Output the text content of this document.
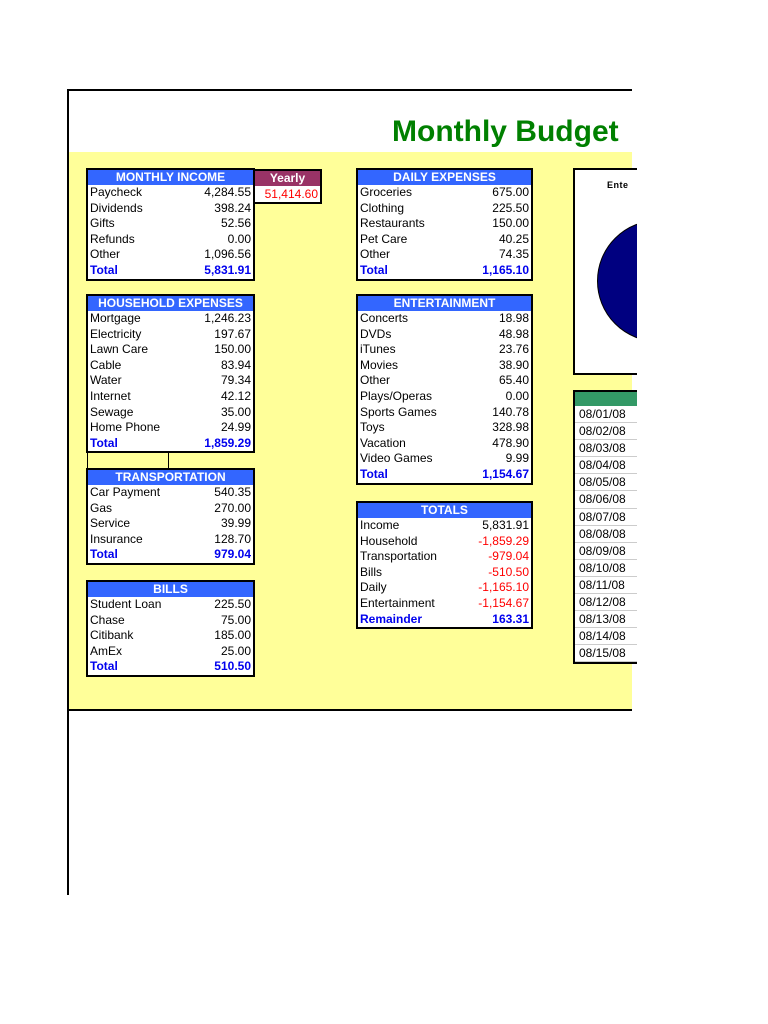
Monthly Budget
MONTHLY INCOME
Paycheck	4,284.55
Dividends	398.24
Gifts	52.56
Refunds	0.00
Other	1,096.56
Total	5,831.91
Yearly
51,414.60
HOUSEHOLD EXPENSES
Mortgage	1,246.23
Electricity	197.67
Lawn Care	150.00
Cable	83.94
Water	79.34
Internet	42.12
Sewage	35.00
Home Phone	24.99
Total	1,859.29
TRANSPORTATION
Car Payment	540.35
Gas	270.00
Service	39.99
Insurance	128.70
Total	979.04
BILLS
Student Loan	225.50
Chase	75.00
Citibank	185.00
AmEx	25.00
Total	510.50
DAILY EXPENSES
Groceries	675.00
Clothing	225.50
Restaurants	150.00
Pet Care	40.25
Other	74.35
Total	1,165.10
ENTERTAINMENT
Concerts	18.98
DVDs	48.98
iTunes	23.76
Movies	38.90
Other	65.40
Plays/Operas	0.00
Sports Games	140.78
Toys	328.98
Vacation	478.90
Video Games	9.99
Total	1,154.67
TOTALS
Income	5,831.91
Household	-1,859.29
Transportation	-979.04
Bills	-510.50
Daily	-1,165.10
Entertainment	-1,154.67
Remainder	163.31
Ente
08/01/08
08/02/08
08/03/08
08/04/08
08/05/08
08/06/08
08/07/08
08/08/08
08/09/08
08/10/08
08/11/08
08/12/08
08/13/08
08/14/08
08/15/08
